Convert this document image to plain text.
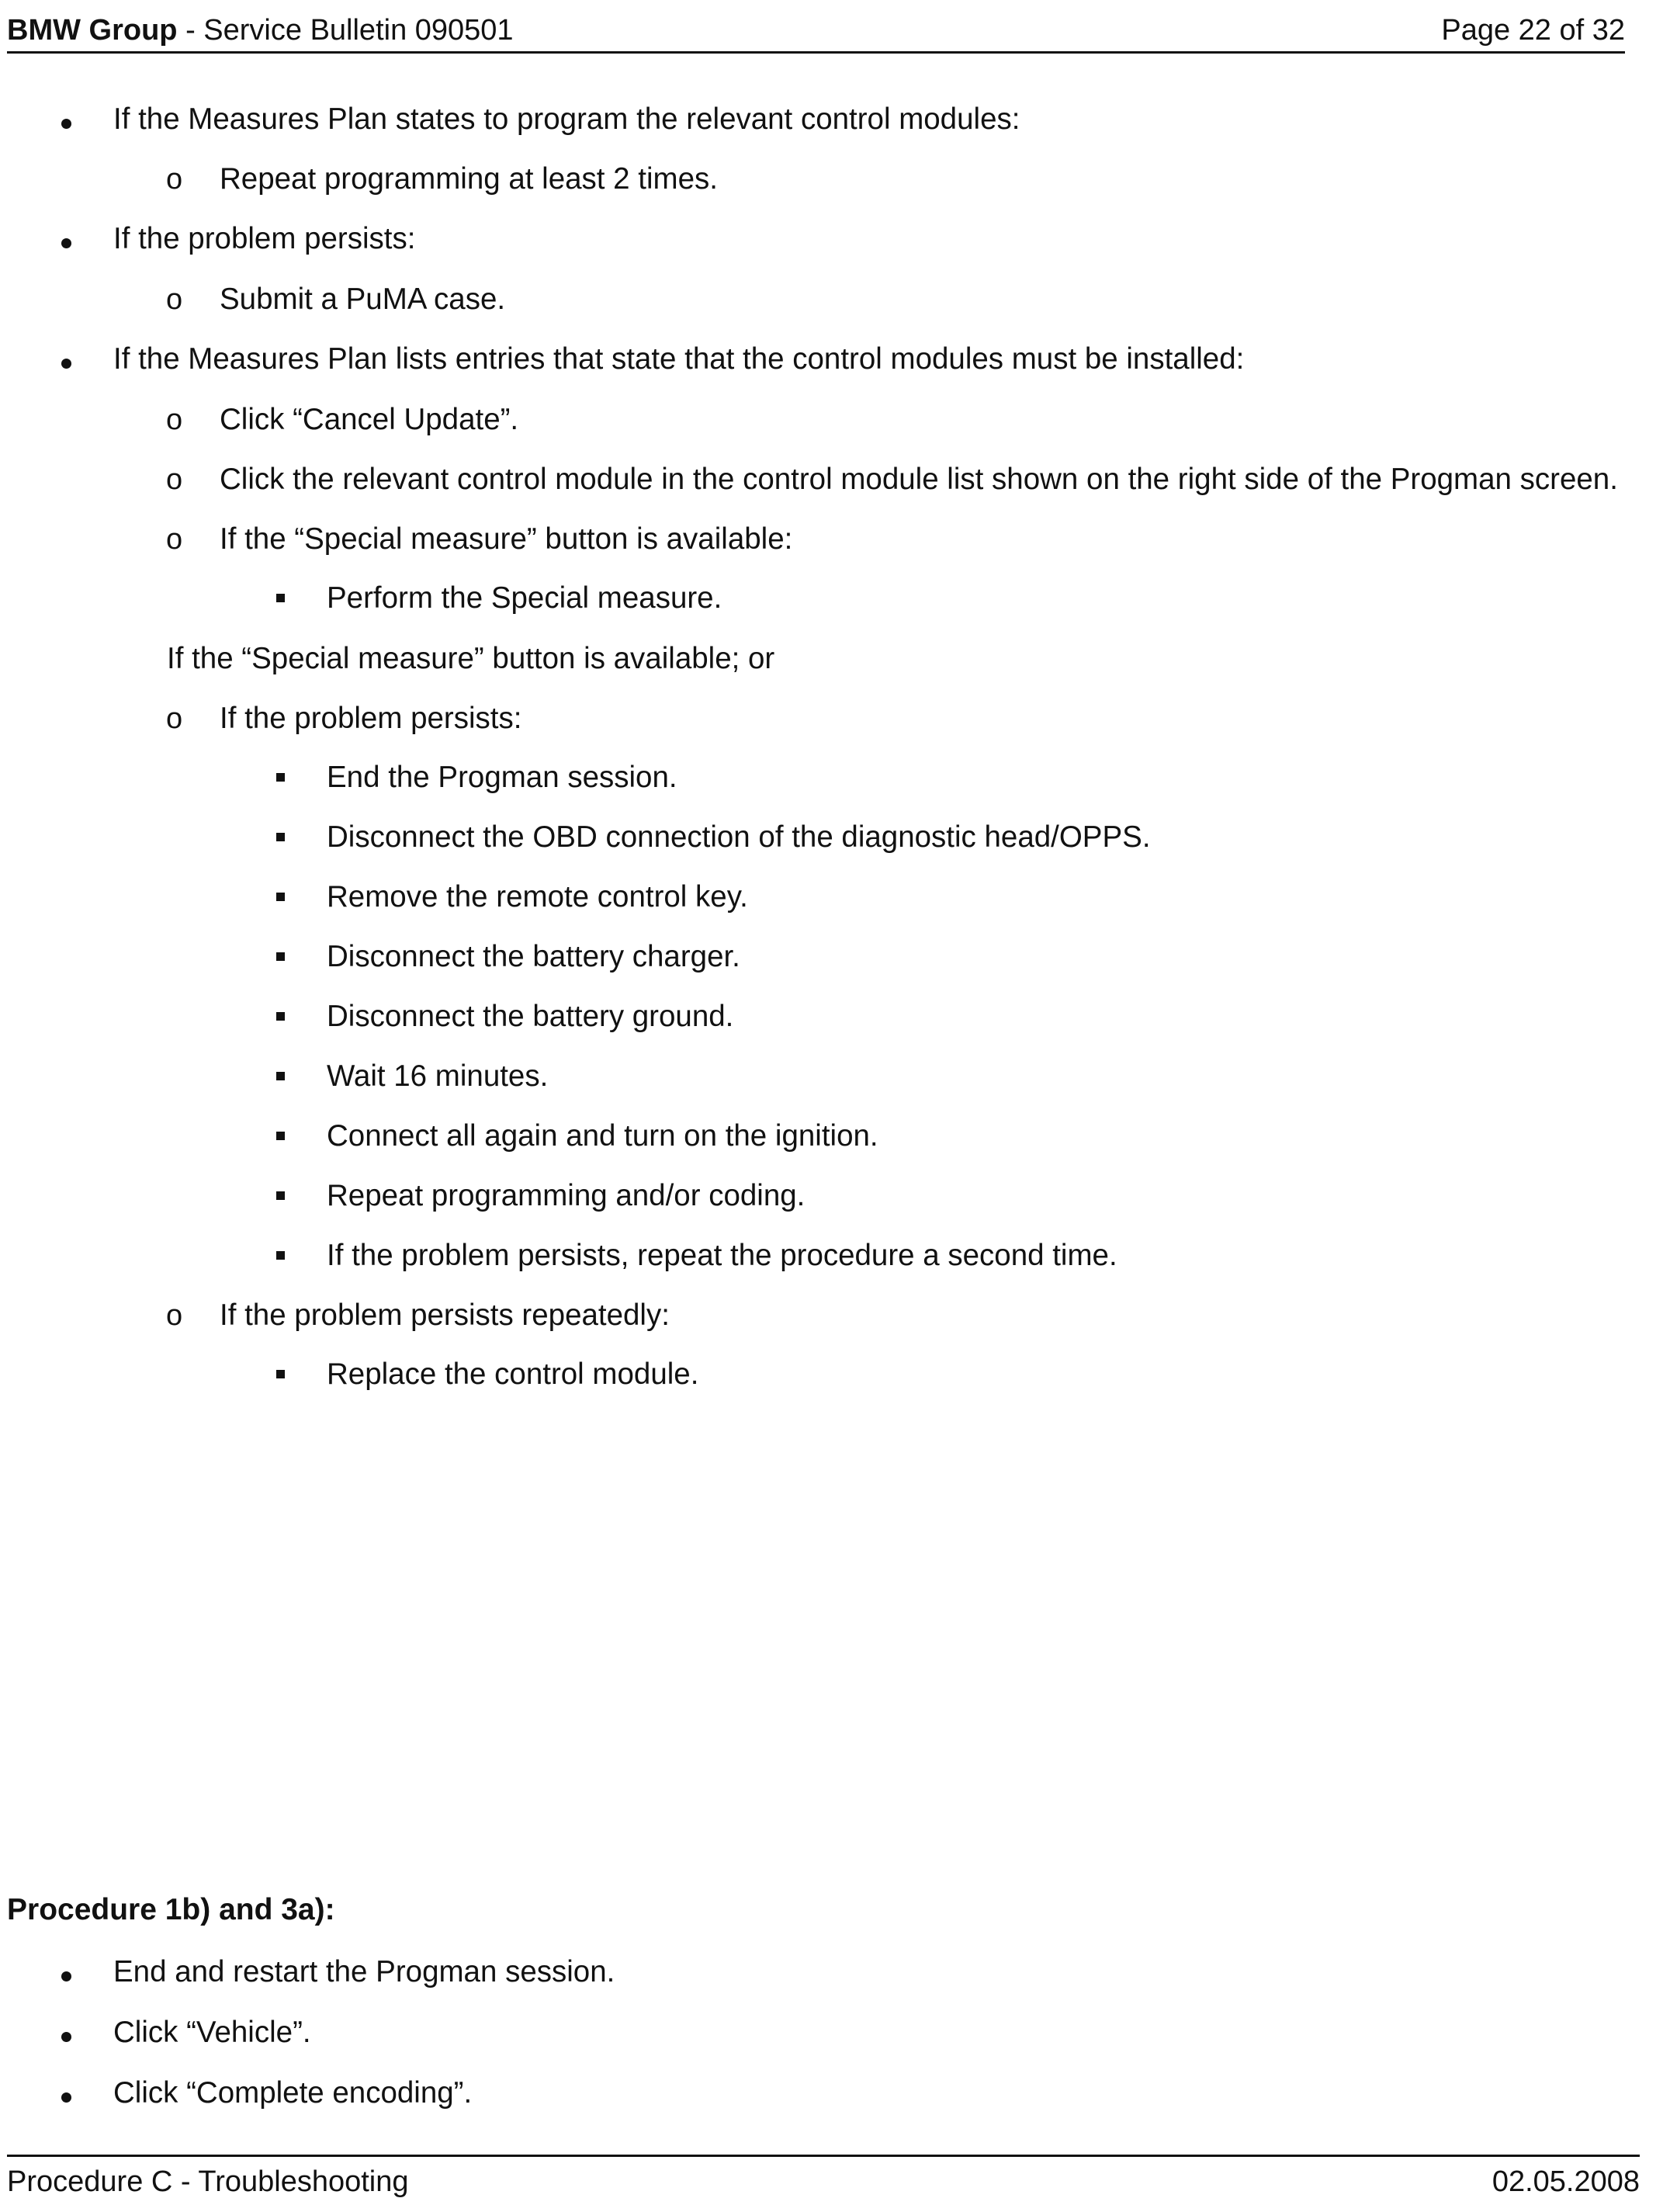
BMW Group - Service Bulletin 090501	Page 22 of 32
If the Measures Plan states to program the relevant control modules:
o Repeat programming at least 2 times.
If the problem persists:
o Submit a PuMA case.
If the Measures Plan lists entries that state that the control modules must be installed:
o Click “Cancel Update”.
o Click the relevant control module in the control module list shown on the right side of the Progman screen.
o If the “Special measure” button is available:
Perform the Special measure.
If the “Special measure” button is available; or
o If the problem persists:
End the Progman session.
Disconnect the OBD connection of the diagnostic head/OPPS.
Remove the remote control key.
Disconnect the battery charger.
Disconnect the battery ground.
Wait 16 minutes.
Connect all again and turn on the ignition.
Repeat programming and/or coding.
If the problem persists, repeat the procedure a second time.
o If the problem persists repeatedly:
Replace the control module.
Procedure 1b) and 3a):
End and restart the Progman session.
Click “Vehicle”.
Click “Complete encoding”.
Procedure C - Troubleshooting	02.05.2008
